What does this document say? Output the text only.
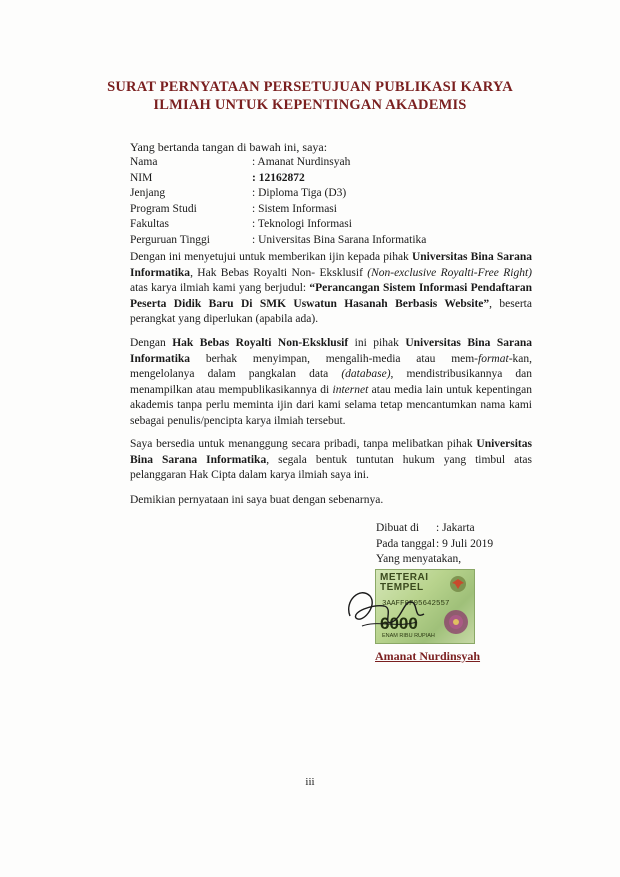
SURAT PERNYATAAN PERSETUJUAN PUBLIKASI KARYA
ILMIAH UNTUK KEPENTINGAN AKADEMIS
Yang bertanda tangan di bawah ini, saya:
Nama	: Amanat Nurdinsyah
NIM	: 12162872
Jenjang	: Diploma Tiga (D3)
Program Studi	: Sistem Informasi
Fakultas	: Teknologi Informasi
Perguruan Tinggi	: Universitas Bina Sarana Informatika
Dengan ini menyetujui untuk memberikan ijin kepada pihak Universitas Bina Sarana Informatika, Hak Bebas Royalti Non- Eksklusif (Non-exclusive Royalti-Free Right) atas karya ilmiah kami yang berjudul: “Perancangan Sistem Informasi Pendaftaran Peserta Didik Baru Di SMK Uswatun Hasanah Berbasis Website”, beserta perangkat yang diperlukan (apabila ada).
Dengan Hak Bebas Royalti Non-Eksklusif ini pihak Universitas Bina Sarana Informatika berhak menyimpan, mengalih-media atau mem-format-kan, mengelolanya dalam pangkalan data (database), mendistribusikannya dan menampilkan atau mempublikasikannya di internet atau media lain untuk kepentingan akademis tanpa perlu meminta ijin dari kami selama tetap mencantumkan nama kami sebagai penulis/pencipta karya ilmiah tersebut.
Saya bersedia untuk menanggung secara pribadi, tanpa melibatkan pihak Universitas Bina Sarana Informatika, segala bentuk tuntutan hukum yang timbul atas pelanggaran Hak Cipta dalam karya ilmiah saya ini.
Demikian pernyataan ini saya buat dengan sebenarnya.
Dibuat di	: Jakarta
Pada tanggal : 9 Juli 2019
Yang menyatakan,
METERAI
TEMPEL
3AAFF0F05642557
6000
ENAM RIBU RUPIAH
Amanat Nurdinsyah
iii
